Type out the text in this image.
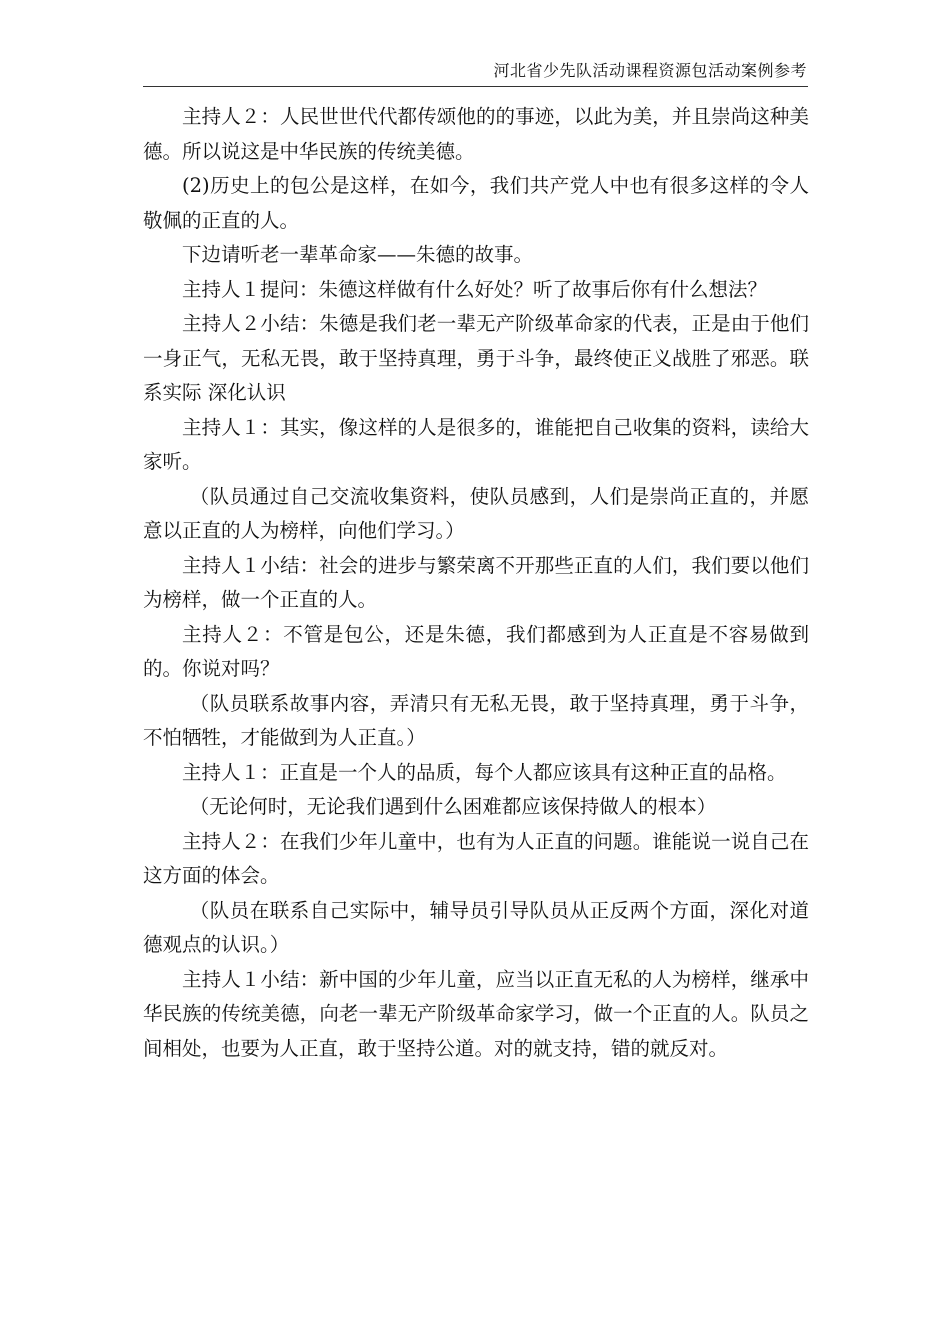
河北省少先队活动课程资源包活动案例参考

主持人２：人民世世代代都传颂他的的事迹，以此为美，并且崇尚这种美德。所以说这是中华民族的传统美德。

(2)历史上的包公是这样，在如今，我们共产党人中也有很多这样的令人敬佩的正直的人。

下边请听老一辈革命家——朱德的故事。

主持人１提问：朱德这样做有什么好处？听了故事后你有什么想法？

主持人２小结：朱德是我们老一辈无产阶级革命家的代表，正是由于他们一身正气，无私无畏，敢于坚持真理，勇于斗争，最终使正义战胜了邪恶。联系实际 深化认识

主持人１：其实，像这样的人是很多的，谁能把自己收集的资料，读给大家听。

（队员通过自己交流收集资料，使队员感到，人们是崇尚正直的，并愿意以正直的人为榜样，向他们学习。）

主持人１小结：社会的进步与繁荣离不开那些正直的人们，我们要以他们为榜样，做一个正直的人。

主持人２：不管是包公，还是朱德，我们都感到为人正直是不容易做到的。你说对吗？

（队员联系故事内容，弄清只有无私无畏，敢于坚持真理，勇于斗争，不怕牺牲，才能做到为人正直。）

主持人１：正直是一个人的品质，每个人都应该具有这种正直的品格。

（无论何时，无论我们遇到什么困难都应该保持做人的根本）

主持人２：在我们少年儿童中，也有为人正直的问题。谁能说一说自己在这方面的体会。

（队员在联系自己实际中，辅导员引导队员从正反两个方面，深化对道德观点的认识。）

主持人１小结：新中国的少年儿童，应当以正直无私的人为榜样，继承中华民族的传统美德，向老一辈无产阶级革命家学习，做一个正直的人。队员之间相处，也要为人正直，敢于坚持公道。对的就支持，错的就反对。
